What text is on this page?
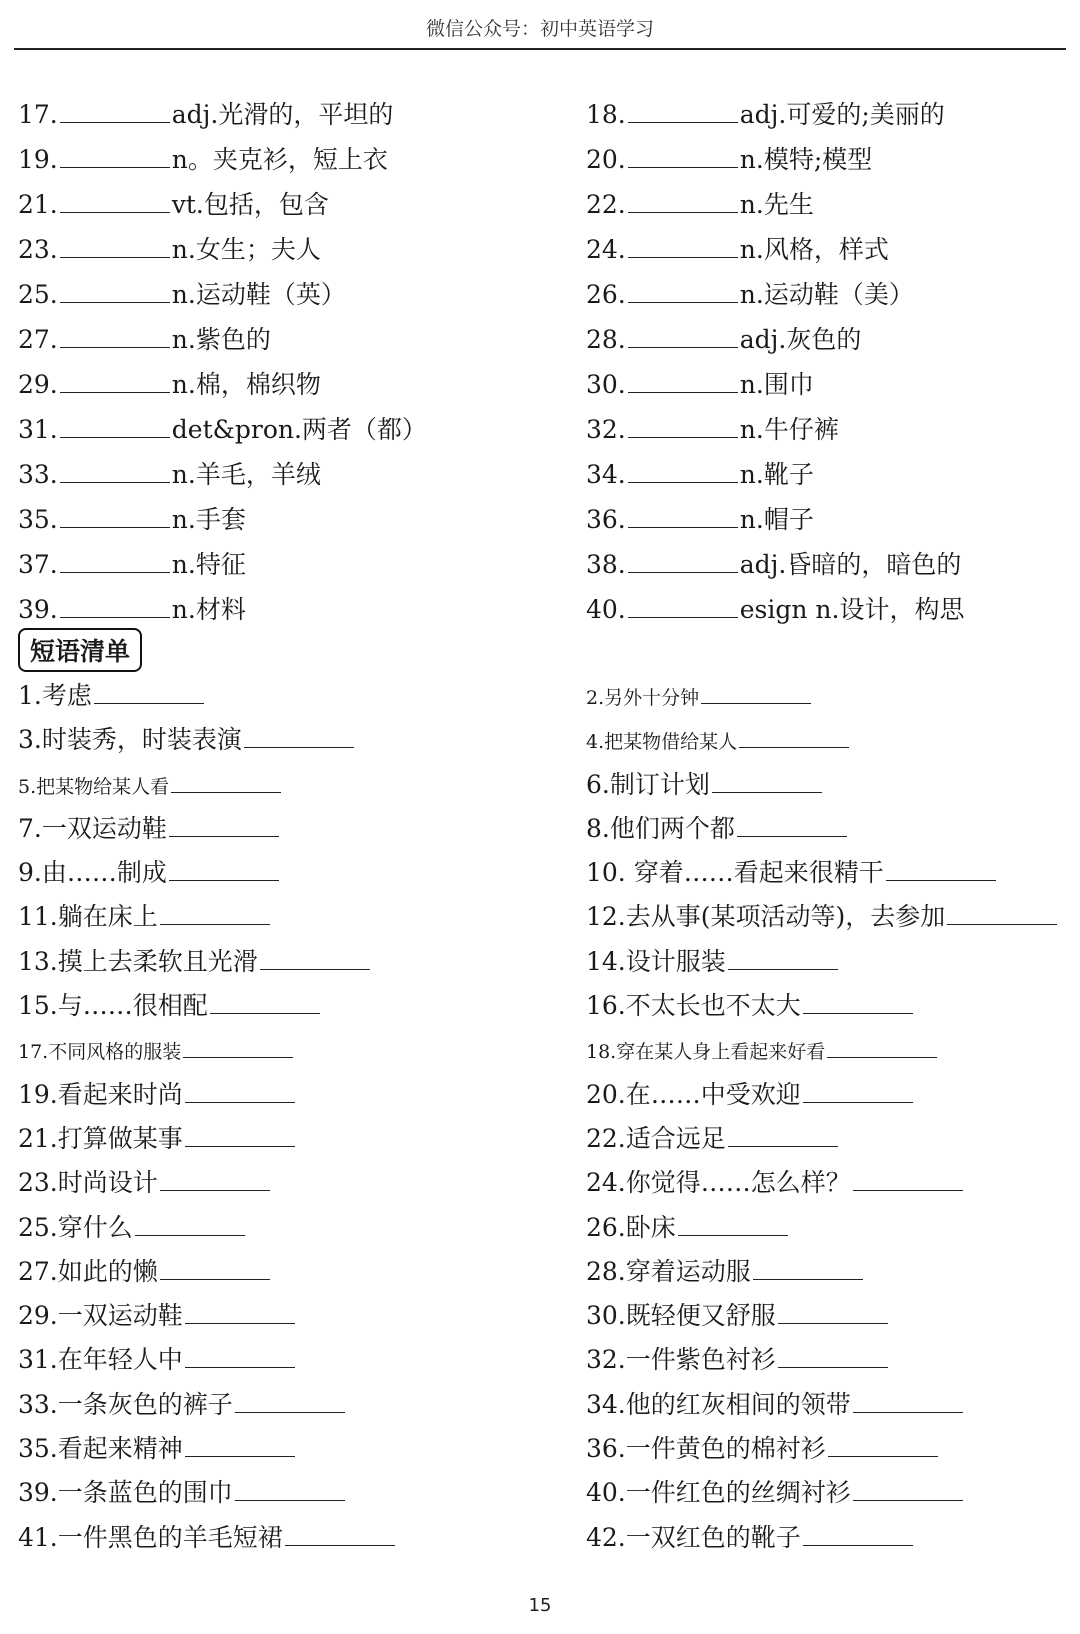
微信公众号：初中英语学习
17.	adj.光滑的，平坦的	18.	adj.可爱的;美丽的
19.	n。夹克衫，短上衣	20.	n.模特;模型
21.	vt.包括，包含	22.	n.先生
23.	n.女生；夫人	24.	n.风格，样式
25.	n.运动鞋（英）	26.	n.运动鞋（美）
27.	n.紫色的	28.	adj.灰色的
29.	n.棉，棉织物	30.	n.围巾
31.	det&pron.两者（都）	32.	n.牛仔裤
33.	n.羊毛，羊绒	34.	n.靴子
35.	n.手套	36.	n.帽子
37.	n.特征	38.	adj.昏暗的，暗色的
39.	n.材料	40.	esign n.设计，构思
短语清单
1.考虑	2.另外十分钟
3.时装秀，时装表演	4.把某物借给某人
5.把某物给某人看	6.制订计划
7.一双运动鞋	8.他们两个都
9.由……制成	10. 穿着……看起来很精干
11.躺在床上	12.去从事(某项活动等)，去参加
13.摸上去柔软且光滑	14.设计服装
15.与……很相配	16.不太长也不太大
17.不同风格的服装	18.穿在某人身上看起来好看
19.看起来时尚	20.在……中受欢迎
21.打算做某事	22.适合远足
23.时尚设计	24.你觉得……怎么样？
25.穿什么	26.卧床
27.如此的懒	28.穿着运动服
29.一双运动鞋	30.既轻便又舒服
31.在年轻人中	32.一件紫色衬衫
33.一条灰色的裤子	34.他的红灰相间的领带
35.看起来精神	36.一件黄色的棉衬衫
39.一条蓝色的围巾	40.一件红色的丝绸衬衫
41.一件黑色的羊毛短裙	42.一双红色的靴子
15
